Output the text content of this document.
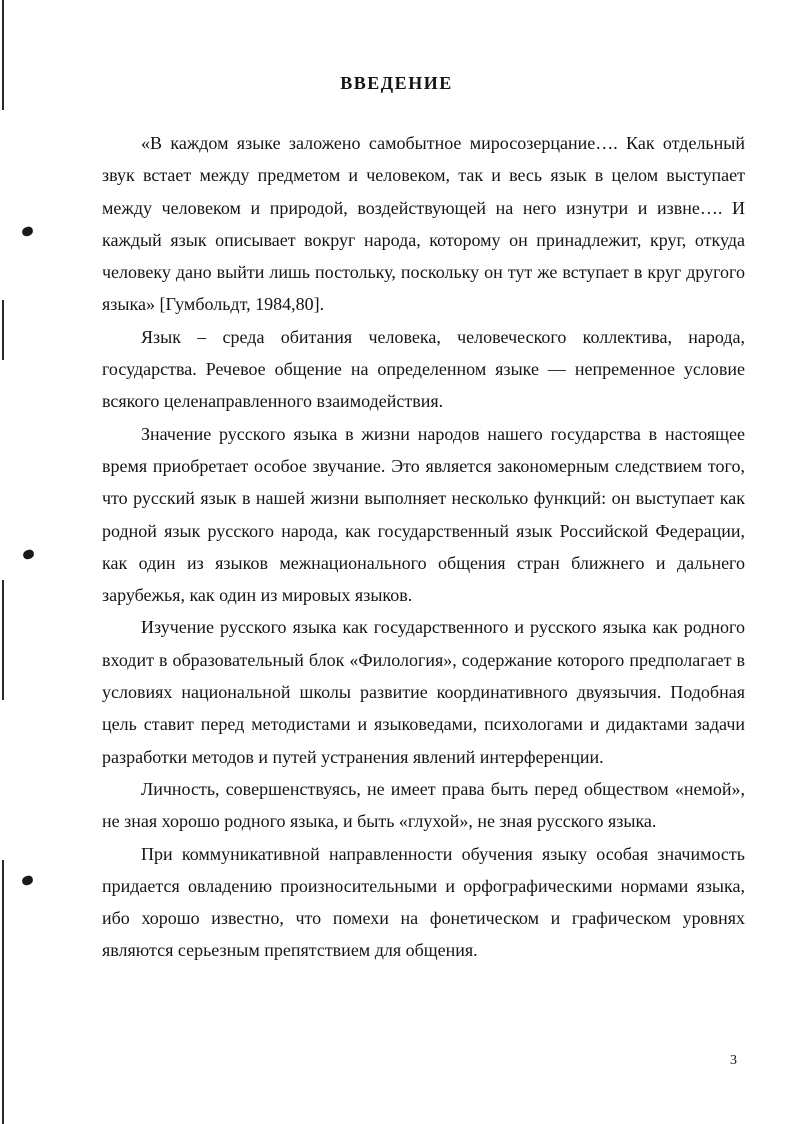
ВВЕДЕНИЕ

«В каждом языке заложено самобытное миросозерцание…. Как отдельный звук встает между предметом и человеком, так и весь язык в целом выступает между человеком и природой, воздействующей на него изнутри и извне…. И каждый язык описывает вокруг народа, которому он принадлежит, круг, откуда человеку дано выйти лишь постольку, поскольку он тут же вступает в круг другого языка» [Гумбольдт, 1984,80].

Язык – среда обитания человека, человеческого коллектива, народа, государства. Речевое общение на определенном языке — непременное условие всякого целенаправленного взаимодействия.

Значение русского языка в жизни народов нашего государства в настоящее время приобретает особое звучание. Это является закономерным следствием того, что русский язык в нашей жизни выполняет несколько функций: он выступает как родной язык русского народа, как государственный язык Российской Федерации, как один из языков межнационального общения стран ближнего и дальнего зарубежья, как один из мировых языков.

Изучение русского языка как государственного и русского языка как родного входит в образовательный блок «Филология», содержание которого предполагает в условиях национальной школы развитие координативного двуязычия. Подобная цель ставит перед методистами и языковедами, психологами и дидактами задачи разработки методов и путей устранения явлений интерференции.

Личность, совершенствуясь, не имеет права быть перед обществом «немой», не зная хорошо родного языка, и быть «глухой», не зная русского языка.

При коммуникативной направленности обучения языку особая значимость придается овладению произносительными и орфографическими нормами языка, ибо хорошо известно, что помехи на фонетическом и графическом уровнях являются серьезным препятствием для общения.

3
